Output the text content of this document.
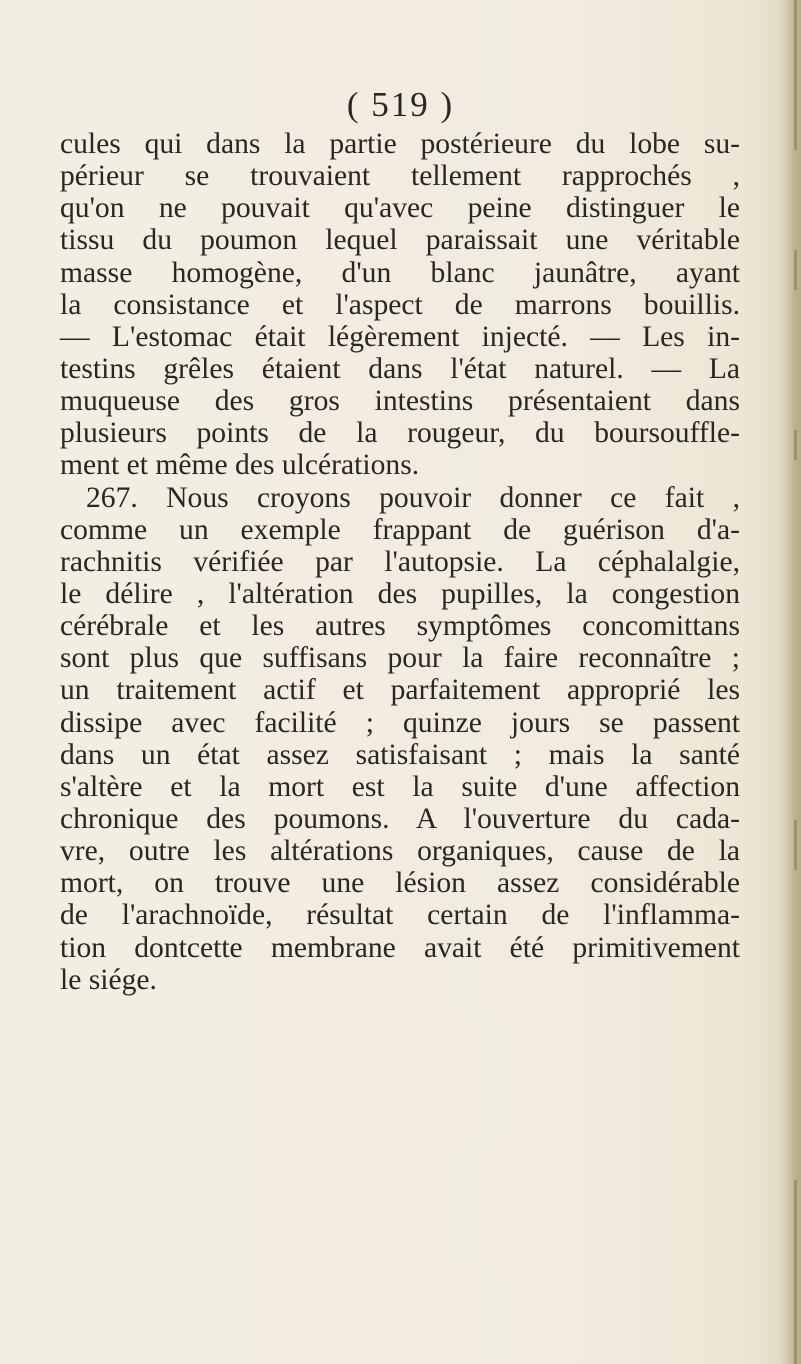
( 519 )
cules qui dans la partie postérieure du lobe su-
périeur se trouvaient tellement rapprochés ,
qu'on ne pouvait qu'avec peine distinguer le
tissu du poumon lequel paraissait une véritable
masse homogène, d'un blanc jaunâtre, ayant
la consistance et l'aspect de marrons bouillis.
— L'estomac était légèrement injecté. — Les in-
testins grêles étaient dans l'état naturel. — La
muqueuse des gros intestins présentaient dans
plusieurs points de la rougeur, du boursouffle-
ment et même des ulcérations.
267. Nous croyons pouvoir donner ce fait ,
comme un exemple frappant de guérison d'a-
rachnitis vérifiée par l'autopsie. La céphalalgie,
le délire , l'altération des pupilles, la congestion
cérébrale et les autres symptômes concomittans
sont plus que suffisans pour la faire reconnaître ;
un traitement actif et parfaitement approprié les
dissipe avec facilité ; quinze jours se passent
dans un état assez satisfaisant ; mais la santé
s'altère et la mort est la suite d'une affection
chronique des poumons. A l'ouverture du cada-
vre, outre les altérations organiques, cause de la
mort, on trouve une lésion assez considérable
de l'arachnoïde, résultat certain de l'inflamma-
tion dontcette membrane avait été primitivement
le siége.
